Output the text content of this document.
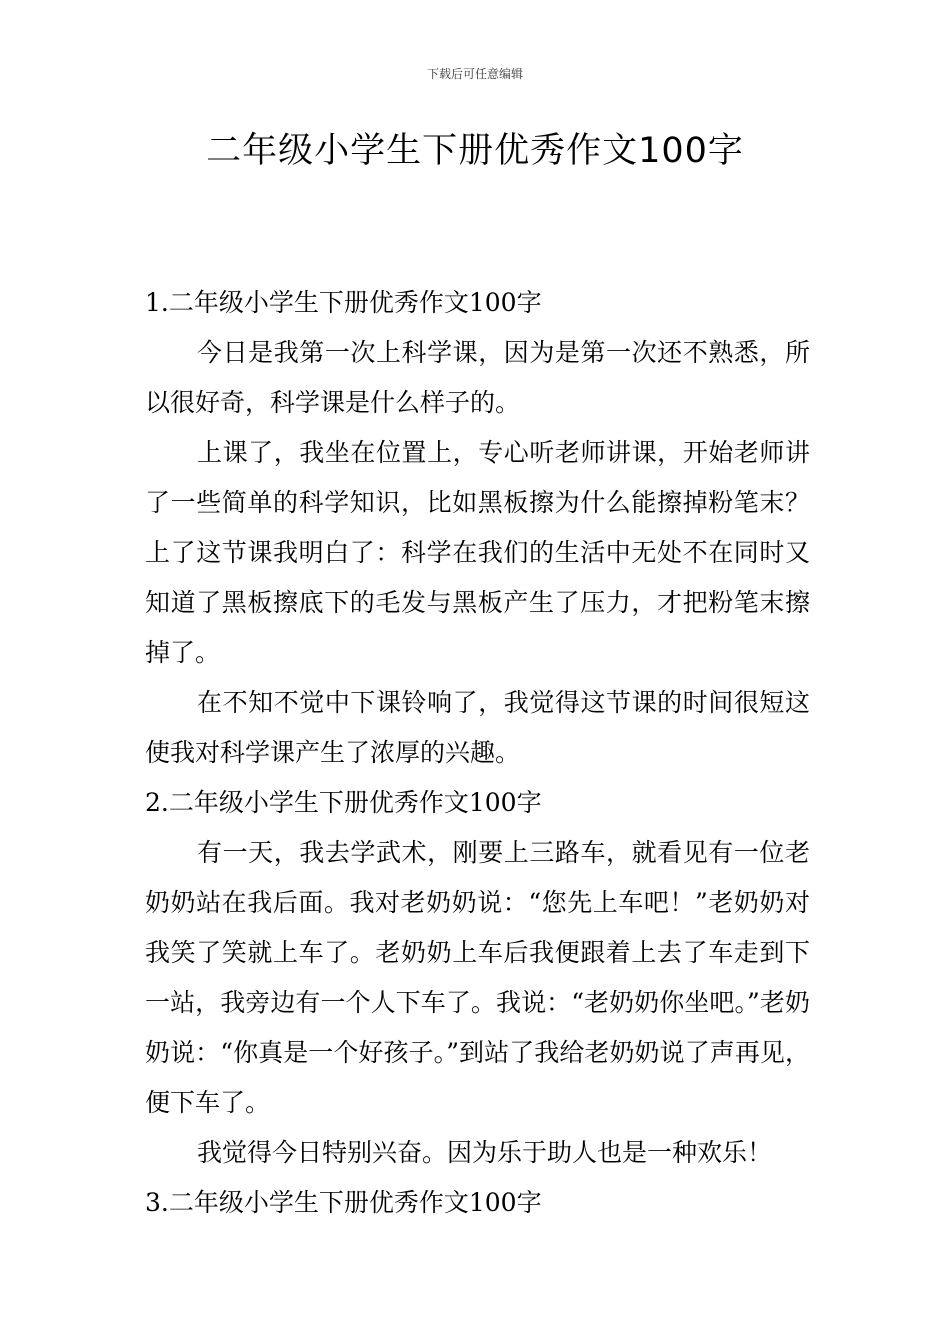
下载后可任意编辑
二年级小学生下册优秀作文100字
1.二年级小学生下册优秀作文100字

今日是我第一次上科学课，因为是第一次还不熟悉，所以很好奇，科学课是什么样子的。

上课了，我坐在位置上，专心听老师讲课，开始老师讲了一些简单的科学知识，比如黑板擦为什么能擦掉粉笔末？上了这节课我明白了：科学在我们的生活中无处不在同时又知道了黑板擦底下的毛发与黑板产生了压力，才把粉笔末擦掉了。

在不知不觉中下课铃响了，我觉得这节课的时间很短这使我对科学课产生了浓厚的兴趣。

2.二年级小学生下册优秀作文100字

有一天，我去学武术，刚要上三路车，就看见有一位老奶奶站在我后面。我对老奶奶说：“您先上车吧！”老奶奶对我笑了笑就上车了。老奶奶上车后我便跟着上去了车走到下一站，我旁边有一个人下车了。我说：“老奶奶你坐吧。”老奶奶说：“你真是一个好孩子。”到站了我给老奶奶说了声再见，便下车了。

我觉得今日特别兴奋。因为乐于助人也是一种欢乐！

3.二年级小学生下册优秀作文100字
